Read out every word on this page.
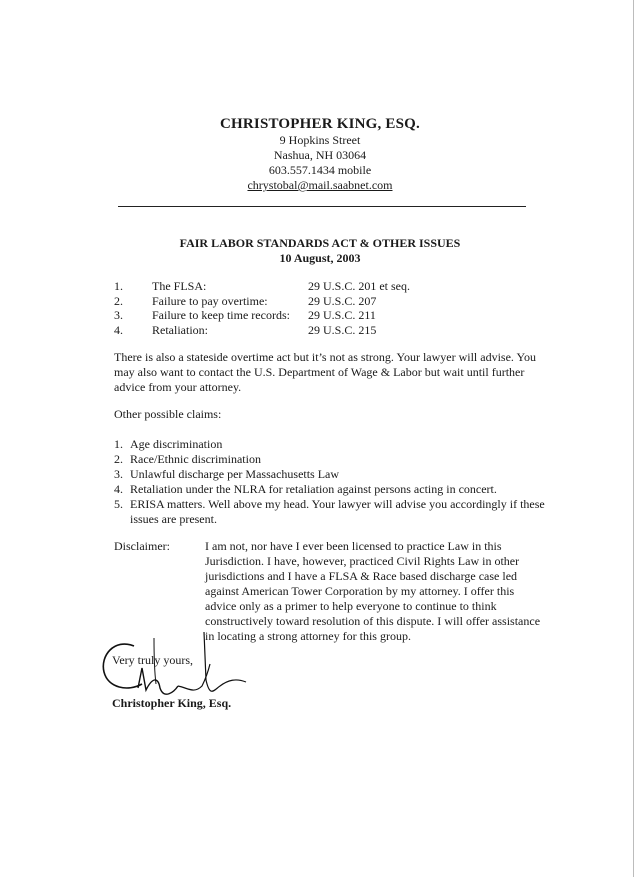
CHRISTOPHER KING, ESQ.
9 Hopkins Street
Nashua, NH 03064
603.557.1434 mobile
chrystobal@mail.saabnet.com
FAIR LABOR STANDARDS ACT & OTHER ISSUES
10 August, 2003
1. The FLSA:	29 U.S.C. 201 et seq.
2. Failure to pay overtime:	29 U.S.C. 207
3. Failure to keep time records: 29 U.S.C. 211
4. Retaliation:	29 U.S.C. 215
There is also a stateside overtime act but it’s not as strong. Your lawyer will advise. You may also want to contact the U.S. Department of Wage & Labor but wait until further advice from your attorney.
Other possible claims:
1. Age discrimination
2. Race/Ethnic discrimination
3. Unlawful discharge per Massachusetts Law
4. Retaliation under the NLRA for retaliation against persons acting in concert.
5. ERISA matters. Well above my head. Your lawyer will advise you accordingly if these issues are present.
Disclaimer:	I am not, nor have I ever been licensed to practice Law in this Jurisdiction. I have, however, practiced Civil Rights Law in other jurisdictions and I have a FLSA & Race based discharge case led against American Tower Corporation by my attorney. I offer this advice only as a primer to help everyone to continue to think constructively toward resolution of this dispute. I will offer assistance in locating a strong attorney for this group.
Very truly yours,
Christopher King, Esq.
